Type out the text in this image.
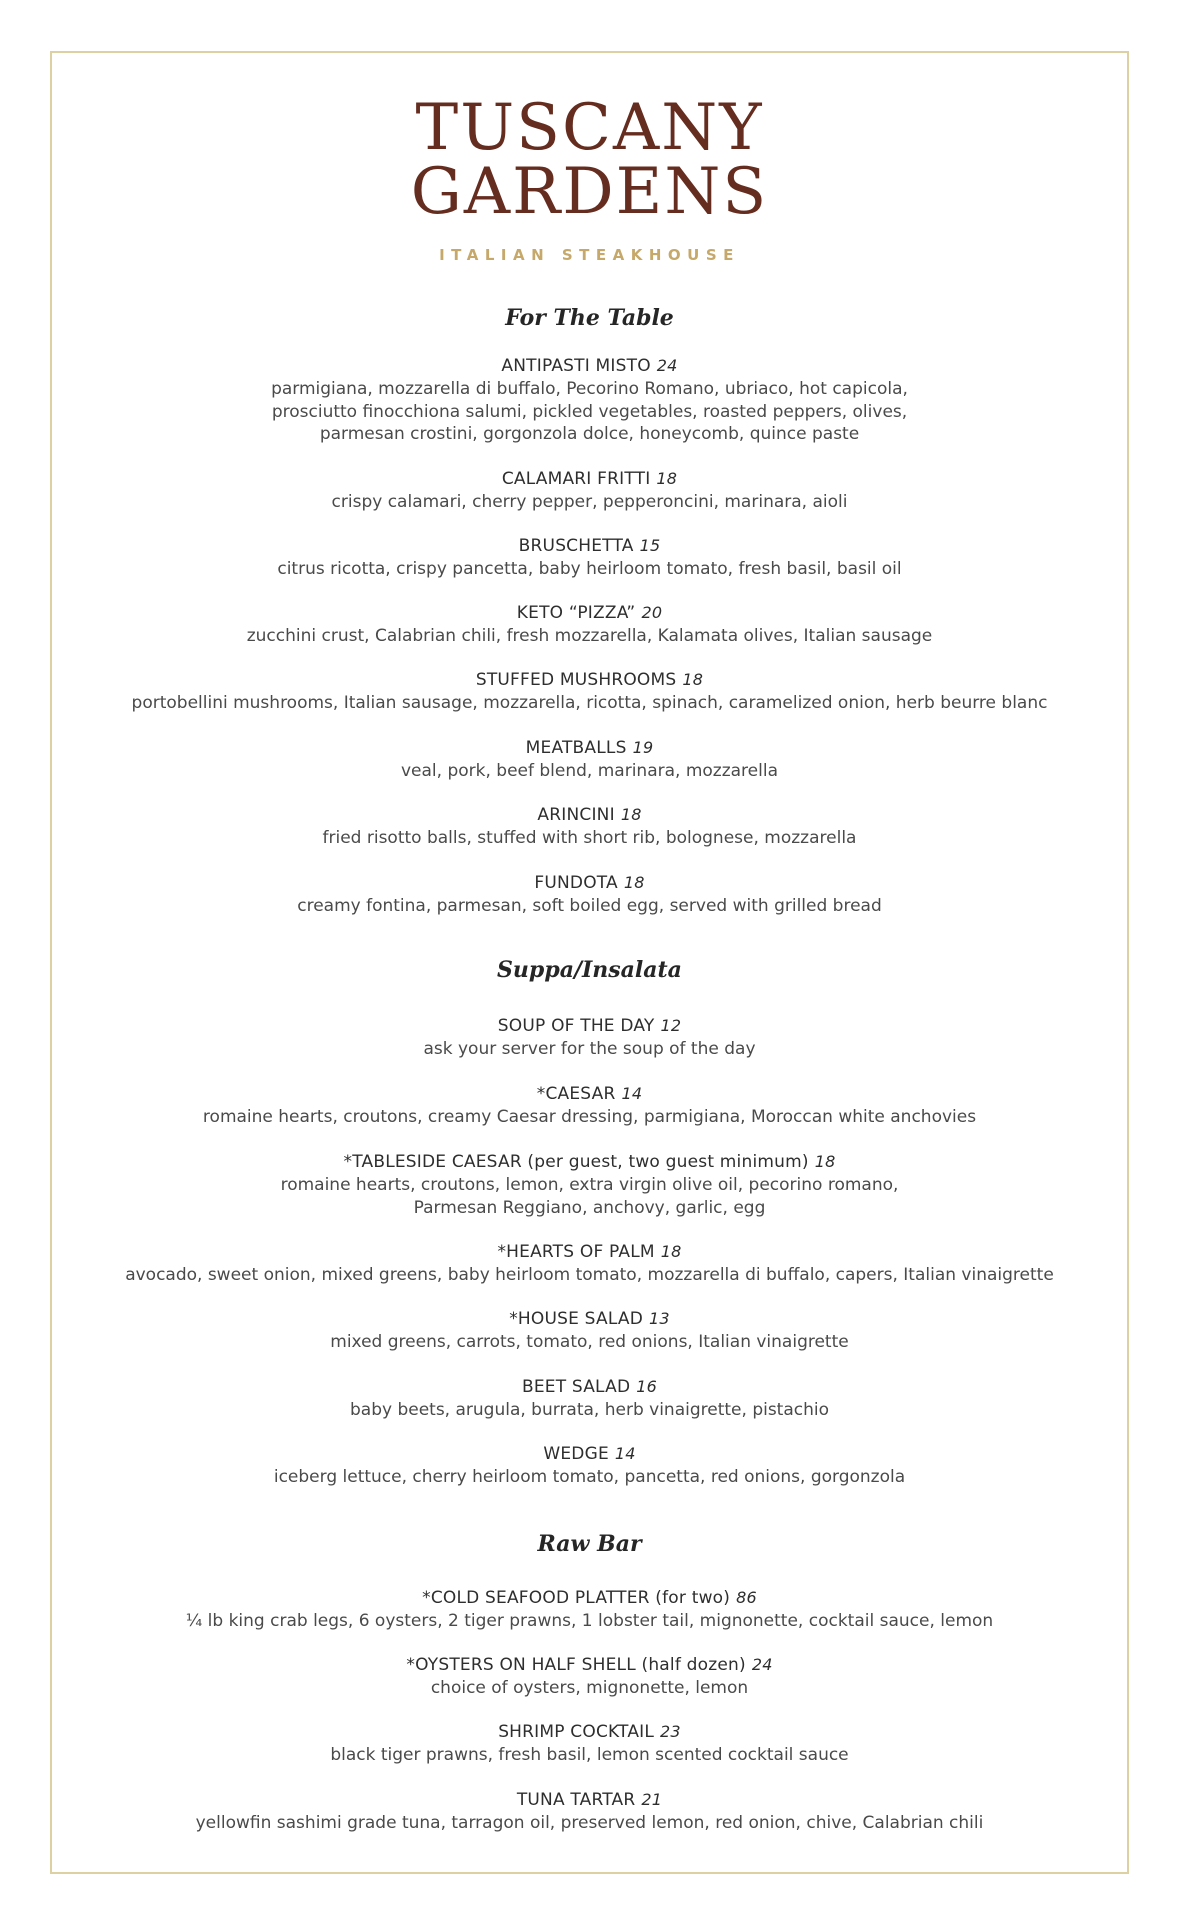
TUSCANY
GARDENS
ITALIAN STEAKHOUSE
For The Table
ANTIPASTI MISTO 24
parmigiana, mozzarella di buffalo, Pecorino Romano, ubriaco, hot capicola,
prosciutto finocchiona salumi, pickled vegetables, roasted peppers, olives,
parmesan crostini, gorgonzola dolce, honeycomb, quince paste
CALAMARI FRITTI 18
crispy calamari, cherry pepper, pepperoncini, marinara, aioli
BRUSCHETTA 15
citrus ricotta, crispy pancetta, baby heirloom tomato, fresh basil, basil oil
KETO “PIZZA” 20
zucchini crust, Calabrian chili, fresh mozzarella, Kalamata olives, Italian sausage
STUFFED MUSHROOMS 18
portobellini mushrooms, Italian sausage, mozzarella, ricotta, spinach, caramelized onion, herb beurre blanc
MEATBALLS 19
veal, pork, beef blend, marinara, mozzarella
ARINCINI 18
fried risotto balls, stuffed with short rib, bolognese, mozzarella
FUNDOTA 18
creamy fontina, parmesan, soft boiled egg, served with grilled bread
Suppa/Insalata
SOUP OF THE DAY 12
ask your server for the soup of the day
*CAESAR 14
romaine hearts, croutons, creamy Caesar dressing, parmigiana, Moroccan white anchovies
*TABLESIDE CAESAR (per guest, two guest minimum) 18
romaine hearts, croutons, lemon, extra virgin olive oil, pecorino romano,
Parmesan Reggiano, anchovy, garlic, egg
*HEARTS OF PALM 18
avocado, sweet onion, mixed greens, baby heirloom tomato, mozzarella di buffalo, capers, Italian vinaigrette
*HOUSE SALAD 13
mixed greens, carrots, tomato, red onions, Italian vinaigrette
BEET SALAD 16
baby beets, arugula, burrata, herb vinaigrette, pistachio
WEDGE 14
iceberg lettuce, cherry heirloom tomato, pancetta, red onions, gorgonzola
Raw Bar
*COLD SEAFOOD PLATTER (for two) 86
¼ lb king crab legs, 6 oysters, 2 tiger prawns, 1 lobster tail, mignonette, cocktail sauce, lemon
*OYSTERS ON HALF SHELL (half dozen) 24
choice of oysters, mignonette, lemon
SHRIMP COCKTAIL 23
black tiger prawns, fresh basil, lemon scented cocktail sauce
TUNA TARTAR 21
yellowfin sashimi grade tuna, tarragon oil, preserved lemon, red onion, chive, Calabrian chili
